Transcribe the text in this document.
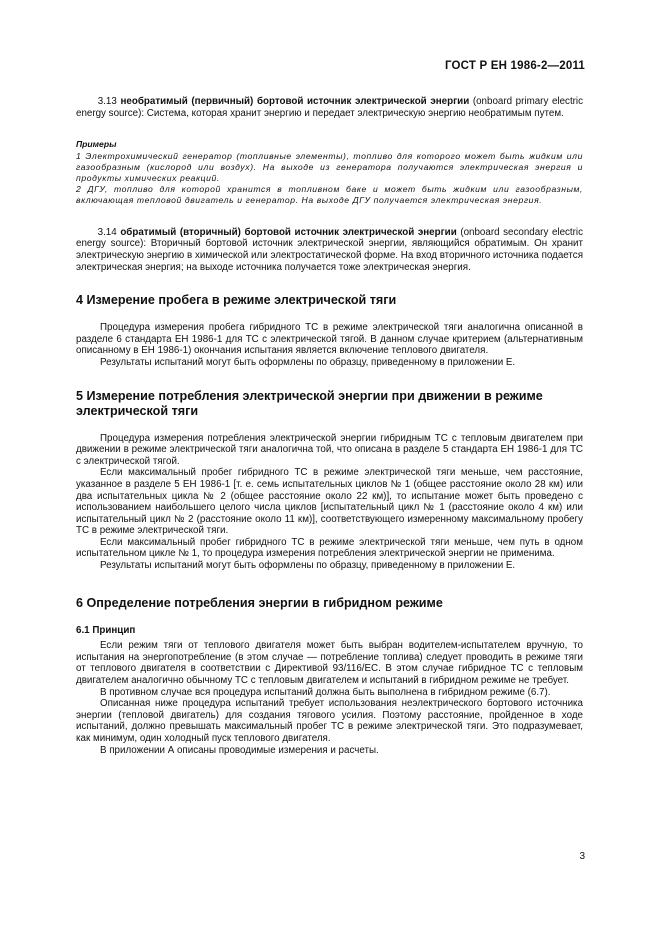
ГОСТ Р ЕН 1986-2—2011

3.13 необратимый (первичный) бортовой источник электрической энергии (onboard primary electric energy source): Система, которая хранит энергию и передает электрическую энергию необратимым путем.

Примеры

1 Электрохимический генератор (топливные элементы), топливо для которого может быть жидким или газообразным (кислород или воздух). На выходе из генератора получаются электрическая энергия и продукты химических реакций.

2 ДГУ, топливо для которой хранится в топливном баке и может быть жидким или газообразным, включающая тепловой двигатель и генератор. На выходе ДГУ получается электрическая энергия.

3.14 обратимый (вторичный) бортовой источник электрической энергии (onboard secondary electric energy source): Вторичный бортовой источник электрической энергии, являющийся обратимым. Он хранит электрическую энергию в химической или электростатической форме. На вход вторичного источника подается электрическая энергия; на выходе источника получается тоже электрическая энергия.

4 Измерение пробега в режиме электрической тяги

Процедура измерения пробега гибридного ТС в режиме электрической тяги аналогична описанной в разделе 6 стандарта ЕН 1986-1 для ТС с электрической тягой. В данном случае критерием (альтернативным описанному в ЕН 1986-1) окончания испытания является включение теплового двигателя.

Результаты испытаний могут быть оформлены по образцу, приведенному в приложении Е.

5 Измерение потребления электрической энергии при движении в режиме электрической тяги

Процедура измерения потребления электрической энергии гибридным ТС с тепловым двигателем при движении в режиме электрической тяги аналогична той, что описана в разделе 5 стандарта ЕН 1986-1 для ТС с электрической тягой.

Если максимальный пробег гибридного ТС в режиме электрической тяги меньше, чем расстояние, указанное в разделе 5 ЕН 1986-1 [т. е. семь испытательных циклов № 1 (общее расстояние около 28 км) или два испытательных цикла № 2 (общее расстояние около 22 км)], то испытание может быть проведено с использованием наибольшего целого числа циклов [испытательный цикл № 1 (расстояние около 4 км) или испытательный цикл № 2 (расстояние около 11 км)], соответствующего измеренному максимальному пробегу ТС в режиме электрической тяги.

Если максимальный пробег гибридного ТС в режиме электрической тяги меньше, чем путь в одном испытательном цикле № 1, то процедура измерения потребления электрической энергии не применима.

Результаты испытаний могут быть оформлены по образцу, приведенному в приложении Е.

6 Определение потребления энергии в гибридном режиме

6.1 Принцип

Если режим тяги от теплового двигателя может быть выбран водителем-испытателем вручную, то испытания на энергопотребление (в этом случае — потребление топлива) следует проводить в режиме тяги от теплового двигателя в соответствии с Директивой 93/116/ЕС. В этом случае гибридное ТС с тепловым двигателем аналогично обычному ТС с тепловым двигателем и испытаний в гибридном режиме не требует.

В противном случае вся процедура испытаний должна быть выполнена в гибридном режиме (6.7).

Описанная ниже процедура испытаний требует использования неэлектрического бортового источника энергии (тепловой двигатель) для создания тягового усилия. Поэтому расстояние, пройденное в ходе испытаний, должно превышать максимальный пробег ТС в режиме электрической тяги. Это подразумевает, как минимум, один холодный пуск теплового двигателя.

В приложении А описаны проводимые измерения и расчеты.

3
